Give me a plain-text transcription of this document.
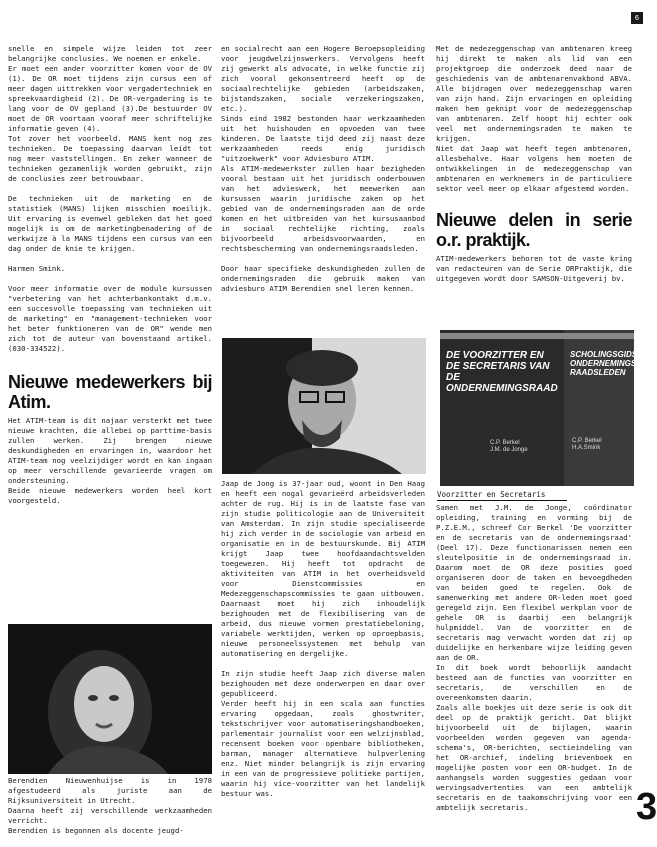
6

snelle en simpele wijze leiden tot zeer belangrijke conclusies. We noemen er enkele.
Er moet een ander voorzitter komen voor de OV (1). De OR moet tijdens zijn cursus een of meer dagen uittrekken voor vergadertechniek en spreekvaardigheid (2). De OR-vergadering is te lang voor de OV gepland (3).De bestuurder OV moet de OR voortaan vooraf meer schriftelijke informatie geven (4).
Tot zover het voorbeeld. MANS kent nog zes technieken. De toepassing daarvan leidt tot nog meer vaststellingen. En zeker wanneer de technieken gezamenlijk worden gebruikt, zijn de conclusies zeer betrouwbaar.

De technieken uit de marketing en de statistiek (MANS) lijken misschien moeilijk. Uit ervaring is evenwel gebleken dat het goed mogelijk is om de marketingbenadering of de werkwijze à la MANS tijdens een cursus van een dag onder de knie te krijgen.

Harmen Smink.

Voor meer informatie over de module kursussen "verbetering van het achterbankontakt d.m.v. een succesvolle toepassing van technieken uit de marketing" en "management-technieken voor het beter funktioneren van de OR" wende men zich tot de auteur van bovenstaand artikel. (030-334522).

Nieuwe medewerkers bij Atim.

Het ATIM-team is dit najaar versterkt met twee nieuwe krachten, die allebei op parttime-basis zullen werken. Zij brengen nieuwe deskundigheden en ervaringen in, waardoor het ATIM-team nog veelzijdiger wordt en kan ingaan op meer verschillende gevarieerde vragen om ondersteuning.
Beide nieuwe medewerkers worden heel kort voorgesteld.

Berendien Nieuwenhuijse is in 1978 afgestudeerd als juriste aan de Rijksuniversiteit in Utrecht.
Daarna heeft zij verschillende werkzaamheden verricht.
Berendien is begonnen als docente jeugd-

en socialrecht aan een Hogere Beroepsopleiding voor jeugdwelzijnswerkers. Vervolgens heeft zij gewerkt als advocate, in welke functie zij zich vooral gekonsentreerd heeft op de sociaalrechtelijke gebieden (arbeidszaken, bijstandszaken, sociale verzekeringszaken, etc.).
Sinds eind 1982 bestonden haar werkzaamheden uit het huishouden en opvoeden van twee kinderen. De laatste tijd deed zij naast deze werkzaamheden reeds enig juridisch "uitzoekwerk" voor Adviesburo ATIM.
Als ATIM-medewerkster zullen haar bezigheden vooral bestaan uit het juridisch onderbouwen van het advieswerk, het meewerken aan kursussen waarin juridische zaken op het gebied van de ondernemingsraden aan de orde komen en het uitbreiden van het kursusaanbod in sociaal rechtelijke richting, zoals bijvoorbeeld arbeidsvoorwaarden, en rechtsbescherming van ondernemingsraadsleden.

Door haar specifieke deskundigheden zullen de ondernemingsraden die gebruik maken van adviesburo ATIM Berendien snel leren kennen.

Jaap de Jong is 37-jaar oud, woont in Den Haag en heeft een nogal gevarieërd arbeidsverleden achter de rug. Hij is in de laatste fase van zijn studie politicologie aan de Universiteit van Amsterdam. In zijn studie specialiseerde hij zich verder in de sociologie van arbeid en organisatie en in de bestuurskunde. Bij ATIM krijgt Jaap twee hoofdaandachtsvelden toegewezen. Hij heeft tot opdracht de aktiviteiten van ATIM in het overheidsveld voor Dienstcommissies en Medezeggenschapscommissies te gaan uitbouwen. Daarnaast moet hij zich inhoudelijk bezighouden met de flexibilisering van de arbeid, dus nieuwe vormen prestatiebeloning, variabele werktijden, werken op oproepbasis, nieuwe personeelssystemen met behulp van automatisering en dergelijke.

In zijn studie heeft Jaap zich diverse malen bezighouden met deze onderwerpen en daar over gepubliceerd.
Verder heeft hij in een scala aan functies ervaring opgedaan, zoals ghostwriter, tekstschrijver voor automatiseringshandboeken, parlementair journalist voor een welzijnsblad, recensent boeken voor openbare bibliotheken, barman, manager alternatieve hulpverlening enz. Niet minder belangrijk is zijn ervaring in een van de progressieve politieke partijen, waarin hij vice-voorzitter van het landelijk bestuur was.

Met de medezeggenschap van ambtenaren kreeg hij direkt te maken als lid van een projektgroep die onderzoek deed naar de geschiedenis van de ambtenarenvakbond ABVA. Alle bijdragen over medezeggenschap waren van zijn hand. Zijn ervaringen en opleiding maken hem geknipt voor de medezeggenschap van ambtenaren. Zelf hoopt hij echter ook veel met ondernemingsraden te maken te krijgen.
Niet dat Jaap wat heeft tegen ambtenaren, allesbehalve. Haar volgens hem moeten de ontwikkelingen in de medezeggenschap van ambtenaren en werknemers in de particuliere sektor veel meer op elkaar afgestemd worden.

Nieuwe delen in serie o.r. praktijk.

ATIM-medewerkers behoren tot de vaste kring van redacteuren van de Serie ORPraktijk, die uitgegeven wordt door SAMSON-Uitgeverij bv.

DE VOORZITTER EN DE SECRETARIS VAN DE ONDERNEMINGSRAAD
C.P. Berkel
J.M. de Jonge
SCHOLINGSGIDS ONDERNEMINGS-RAADSLEDEN
C.P. Berkel
H.A.Smink
Voorzitter en Secretaris

Samen met J.M. de Jonge, coördinator opleiding, training en vorming bij de P.Z.E.M., schreef Cor Berkel 'De voorzitter en de secretaris van de ondernemingsraad' (Deel 17). Deze functionarissen nemen een sleutelpositie in de ondernemingsraad in. Daarom moet de OR deze posities goed organiseren door de taken en bevoegdheden van beiden goed te regelen. Ook de samenwerking met andere OR-leden moet goed geregeld zijn. Een flexibel werkplan voor de gehele OR is daarbij een belangrijk hulpmiddel. Van de voorzitter en de secretaris mag verwacht worden dat zij op duidelijke en herkenbare wijze leiding geven aan de OR.
In dit boek wordt behoorlijk aandacht besteed aan de functies van voorzitter en secretaris, de verschillen en de overeenkomsten daarin.
Zoals alle boekjes uit deze serie is ook dit deel op de praktijk gericht. Dat blijkt bijvoorbeeld uit de bijlagen, waarin voorbeelden worden gegeven van agenda-schema's, OR-berichten, sectieindeling van het OR-archief, indeling brievenboek en mogelijke posten voor een OR-budget. In de aanhangsels worden suggesties gedaan voor wervingsadvertenties van een ambtelijk secretaris en de taakomschrijving voor een ambtelijk secretaris.	3
